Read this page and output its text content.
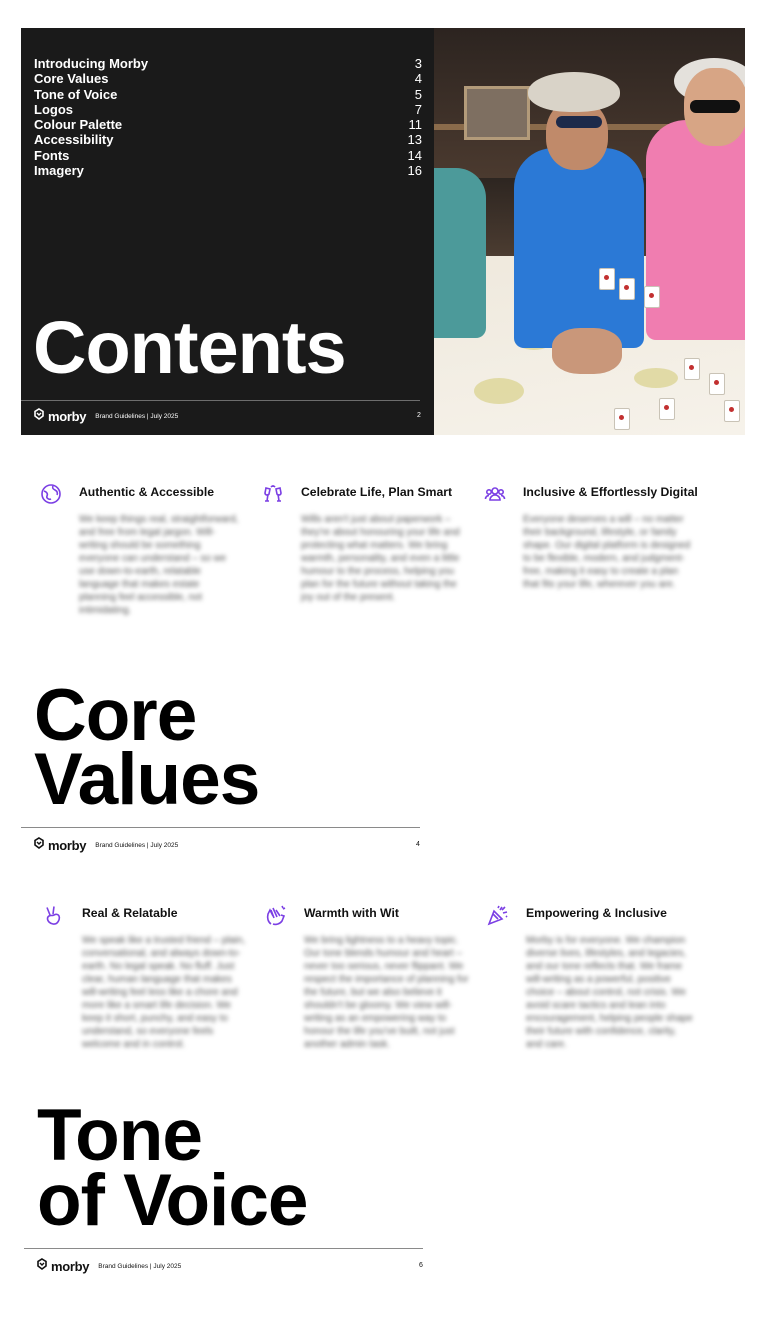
Introducing Morby	3
Core Values	4
Tone of Voice	5
Logos	7
Colour Palette	11
Accessibility	13
Fonts	14
Imagery	16
Contents
morby Brand Guidelines | July 2025	2
Authentic & Accessible

We keep things real, straightforward, and free from legal jargon. Will-writing should be something everyone can understand – so we use down-to-earth, relatable language that makes estate planning feel accessible, not intimidating.

Celebrate Life, Plan Smart

Wills aren't just about paperwork – they're about honouring your life and protecting what matters. We bring warmth, personality, and even a little humour to the process, helping you plan for the future without taking the joy out of the present.

Inclusive & Effortlessly Digital

Everyone deserves a will – no matter their background, lifestyle, or family shape. Our digital platform is designed to be flexible, modern, and judgment-free, making it easy to create a plan that fits your life, wherever you are.

Core
Values
morby Brand Guidelines | July 2025	4
Real & Relatable

We speak like a trusted friend – plain, conversational, and always down-to-earth. No legal speak. No fluff. Just clear, human language that makes will-writing feel less like a chore and more like a smart life decision. We keep it short, punchy, and easy to understand, so everyone feels welcome and in control.

Warmth with Wit

We bring lightness to a heavy topic. Our tone blends humour and heart – never too serious, never flippant. We respect the importance of planning for the future, but we also believe it shouldn't be gloomy. We view will-writing as an empowering way to honour the life you've built, not just another admin task.

Empowering & Inclusive

Morby is for everyone. We champion diverse lives, lifestyles, and legacies, and our tone reflects that. We frame will-writing as a powerful, positive choice – about control, not crisis. We avoid scare tactics and lean into encouragement, helping people shape their future with confidence, clarity, and care.

Tone
of Voice
morby Brand Guidelines | July 2025	6
